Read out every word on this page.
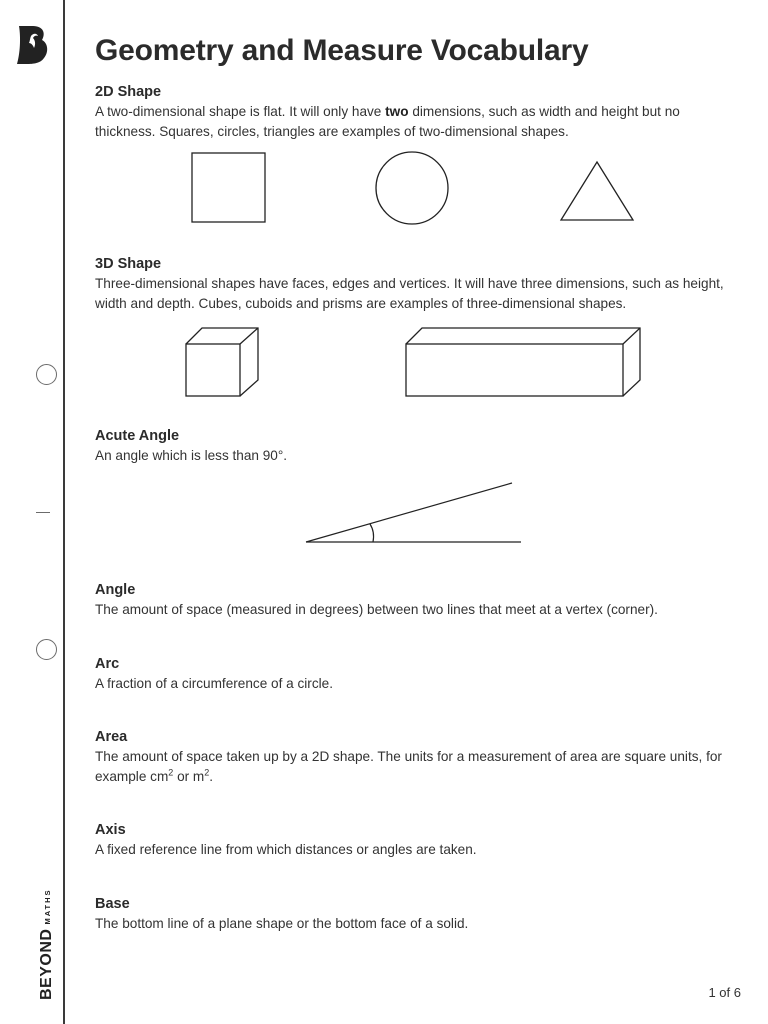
BEYONDMATHS
Geometry and Measure Vocabulary

2D Shape

A two-dimensional shape is flat. It will only have two dimensions, such as width and height but no thickness. Squares, circles, triangles are examples of two-dimensional shapes.

3D Shape

Three-dimensional shapes have faces, edges and vertices. It will have three dimensions, such as height, width and depth. Cubes, cuboids and prisms are examples of three-dimensional shapes.

Acute Angle

An angle which is less than 90°.

Angle

The amount of space (measured in degrees) between two lines that meet at a vertex (corner).

Arc

A fraction of a circumference of a circle.

Area

The amount of space taken up by a 2D shape. The units for a measurement of area are square units, for example $cm^2$ or $m^2$.

Axis

A fixed reference line from which distances or angles are taken.

Base

The bottom line of a plane shape or the bottom face of a solid.

1 of 6
